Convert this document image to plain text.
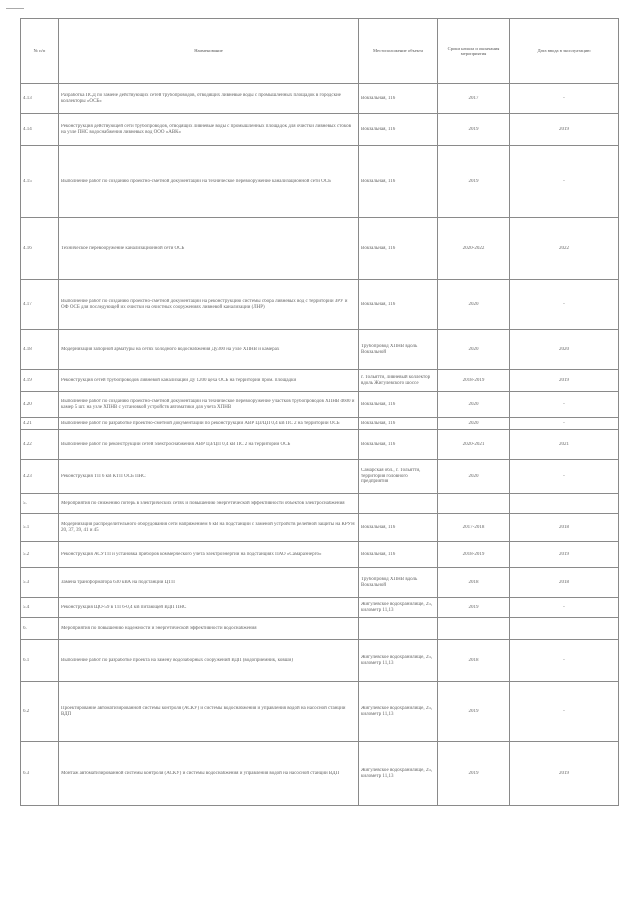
№ п/п	Наименование	Местоположение объекта	Сроки начала и окончания мероприятия	Дата ввода в эксплуатацию
4.13	Разработка ПСД по замене действующих сетей трубопроводов, отводящих ливневые воды с промышленных площадок в городские коллекторы «ОСБ»	Вокзальная, 116	2017	-
4.14	Реконструкция действующей сети трубопроводов, отводящих ливневые воды с промышленных площадок для очистки ливневых стоков на узле ПНС водоснабжения ливневых вод ООО «АВК»	Вокзальная, 116	2019	2019
4.15	Выполнение работ по созданию проектно-сметной документации на техническое перевооружение канализационной сети ОСБ	Вокзальная, 116	2019	-
4.16	Техническое перевооружение канализационной сети ОСБ	Вокзальная, 116	2020-2022	2022
4.17	Выполнение работ по созданию проектно-сметной документации на реконструкцию системы сбора ливневых вод с территории ЗРУ и ОФ ОСБ для последующей их очистки на очистных сооружениях ливневой канализации (ЛНР)	Вокзальная, 116	2020	-
4.18	Модернизация запорной арматуры на сетях холодного водоснабжения Ду300 на узле ХПНВ и камерах	Трубопровод ХПНВ вдоль Вокзальной	2020	2020
4.19	Реконструкция сетей трубопроводов ливневой канализации Ду 1200 цеха ОСБ на территории пром. площадки	г. Тольятти, ливневый коллектор вдоль Жигулевского шоссе	2018-2019	2019
4.20	Выполнение работ по созданию проектно-сметной документации на техническое перевооружение участков трубопроводов ХПНВ d600 и камер 5 шт. на узле ХПНВ с установкой устройств автоматики для учета ХПНВ	Вокзальная, 116	2020	-
4.21	Выполнение работ по разработке проектно-сметной документации по реконструкции АВР ЦЗ/ЦП 0,4 кВ ПС 2 на территории ОСБ	Вокзальная, 116	2020	-
4.22	Выполнение работ по реконструкции сетей электроснабжения АВР ЦЗ/ЦП 0,4 кВ ПС 2 на территории ОСБ	Вокзальная, 116	2020-2021	2021
4.23	Реконструкция ТП 6 кВ КТП ОСБ ПНС	Самарская обл., г. Тольятти, территория головного предприятия	2020	-
5.	Мероприятия по снижению потерь в электрических сетях и повышению энергетической эффективности объектов электроснабжения			
5.1	Модернизация распределительного оборудования сети напряжением 6 кВ на подстанции с заменой устройств релейной защиты на КРУН 20, 37, 39, 41 и 45	Вокзальная, 116	2017-2018	2018
5.2	Реконструкция АСУТП и установка приборов коммерческого учета электроэнергии на подстанциях ПАО «Самараэнерго»	Вокзальная, 116	2018-2019	2019
5.3	Замена трансформатора 630 кВА на подстанции ЦТП	Трубопровод ХПНВ вдоль Вокзальной	2018	2018
5.4	Реконструкция ЩО-59 в ТП 6-0,4 кВ питающей ВДП ПНС	Жигулевское водохранилище, 25, километр 11,13	2019	-
6.	Мероприятия по повышению надежности и энергетической эффективности водоснабжения			
6.1	Выполнение работ по разработке проекта на замену водозаборных сооружений ВДП (водоприемник, ковши)	Жигулевское водохранилище, 25, километр 11,13	2018	-
6.2	Проектирование автоматизированной системы контроля (АСКУ) и системы водоснабжения и управления водой на насосной станции ВДП	Жигулевское водохранилище, 25, километр 11,13	2019	-
6.3	Монтаж автоматизированной системы контроля (АСКУ) и системы водоснабжения и управления водой на насосной станции ВДП	Жигулевское водохранилище, 25, километр 11,13	2019	2019
